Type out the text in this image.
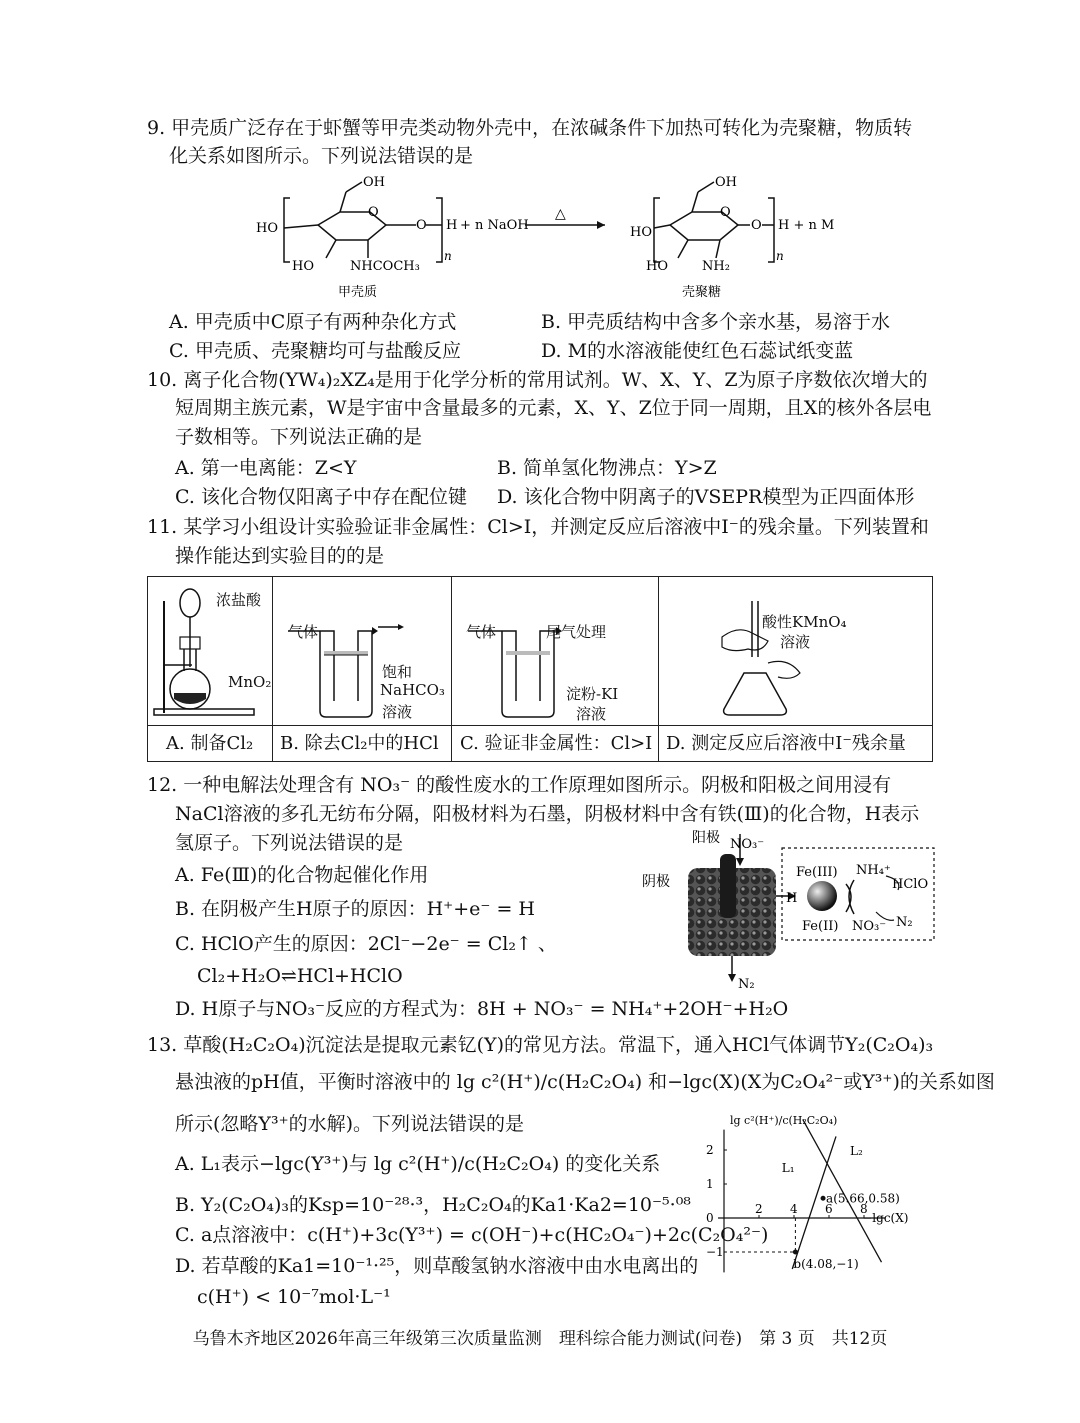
9. 甲壳质广泛存在于虾蟹等甲壳类动物外壳中，在浓碱条件下加热可转化为壳聚糖，物质转
化关系如图所示。下列说法错误的是
OH
HO
HO	NHCOCH₃
O
O H
n
+ n NaOH
△
OH
HO
HO	NH₂
O
O H + n M
n
甲壳质	壳聚糖
A. 甲壳质中C原子有两种杂化方式	B. 甲壳质结构中含多个亲水基，易溶于水
C. 甲壳质、壳聚糖均可与盐酸反应	D. M的水溶液能使红色石蕊试纸变蓝
10. 离子化合物(YW₄)₂XZ₄是用于化学分析的常用试剂。W、X、Y、Z为原子序数依次增大的
短周期主族元素，W是宇宙中含量最多的元素，X、Y、Z位于同一周期，且X的核外各层电
子数相等。下列说法正确的是
A. 第一电离能：Z<Y	B. 简单氢化物沸点：Y>Z
C. 该化合物仅阳离子中存在配位键 D. 该化合物中阴离子的VSEPR模型为正四面体形
11. 某学习小组设计实验验证非金属性：Cl>I，并测定反应后溶液中I⁻的残余量。下列装置和
操作能达到实验目的的是
浓盐酸
MnO₂
气体
饱和
NaHCO₃
溶液
气体	尾气处理
淀粉-KI
溶液
酸性KMnO₄
溶液
A. 制备Cl₂ B. 除去Cl₂中的HCl C. 验证非金属性：Cl>I D. 测定反应后溶液中I⁻残余量
12. 一种电解法处理含有 NO₃⁻ 的酸性废水的工作原理如图所示。阴极和阳极之间用浸有
NaCl溶液的多孔无纺布分隔，阳极材料为石墨，阴极材料中含有铁(Ⅲ)的化合物，H表示
氢原子。下列说法错误的是
A. Fe(Ⅲ)的化合物起催化作用
B. 在阴极产生H原子的原因：H⁺+e⁻ = H
C. HClO产生的原因：2Cl⁻−2e⁻ = Cl₂↑ 、
Cl₂+H₂O⇌HCl+HClO
D. H原子与NO₃⁻反应的方程式为：8H + NO₃⁻ = NH₄⁺+2OH⁻+H₂O
阳极 NO₃⁻
阴极
N₂
Fe(III) NH₄⁺
HClO
H
Fe(II) NO₃⁻ N₂
13. 草酸(H₂C₂O₄)沉淀法是提取元素钇(Y)的常见方法。常温下，通入HCl气体调节Y₂(C₂O₄)₃
悬浊液的pH值，平衡时溶液中的 lg c²(H⁺)/c(H₂C₂O₄) 和−lgc(X)(X为C₂O₄²⁻或Y³⁺)的关系如图
所示(忽略Y³⁺的水解)。下列说法错误的是
A. L₁表示−lgc(Y³⁺)与 lg c²(H⁺)/c(H₂C₂O₄) 的变化关系
B. Y₂(C₂O₄)₃的Ksp=10⁻²⁸·³，H₂C₂O₄的Ka1·Ka2=10⁻⁵·⁰⁸
C. a点溶液中：c(H⁺)+3c(Y³⁺) = c(OH⁻)+c(HC₂O₄⁻)+2c(C₂O₄²⁻)
D. 若草酸的Ka1=10⁻¹·²⁵，则草酸氢钠水溶液中由水电离出的
c(H⁺) < 10⁻⁷mol·L⁻¹
2 4 6 8
2
1
0
−1
lg c²(H⁺)/c(H₂C₂O₄)
−lgc(X)
L₁
L₂
a(5.66,0.58)
b(4.08,−1)
乌鲁木齐地区2026年高三年级第三次质量监测　理科综合能力测试(问卷)　第 3 页　共12页
